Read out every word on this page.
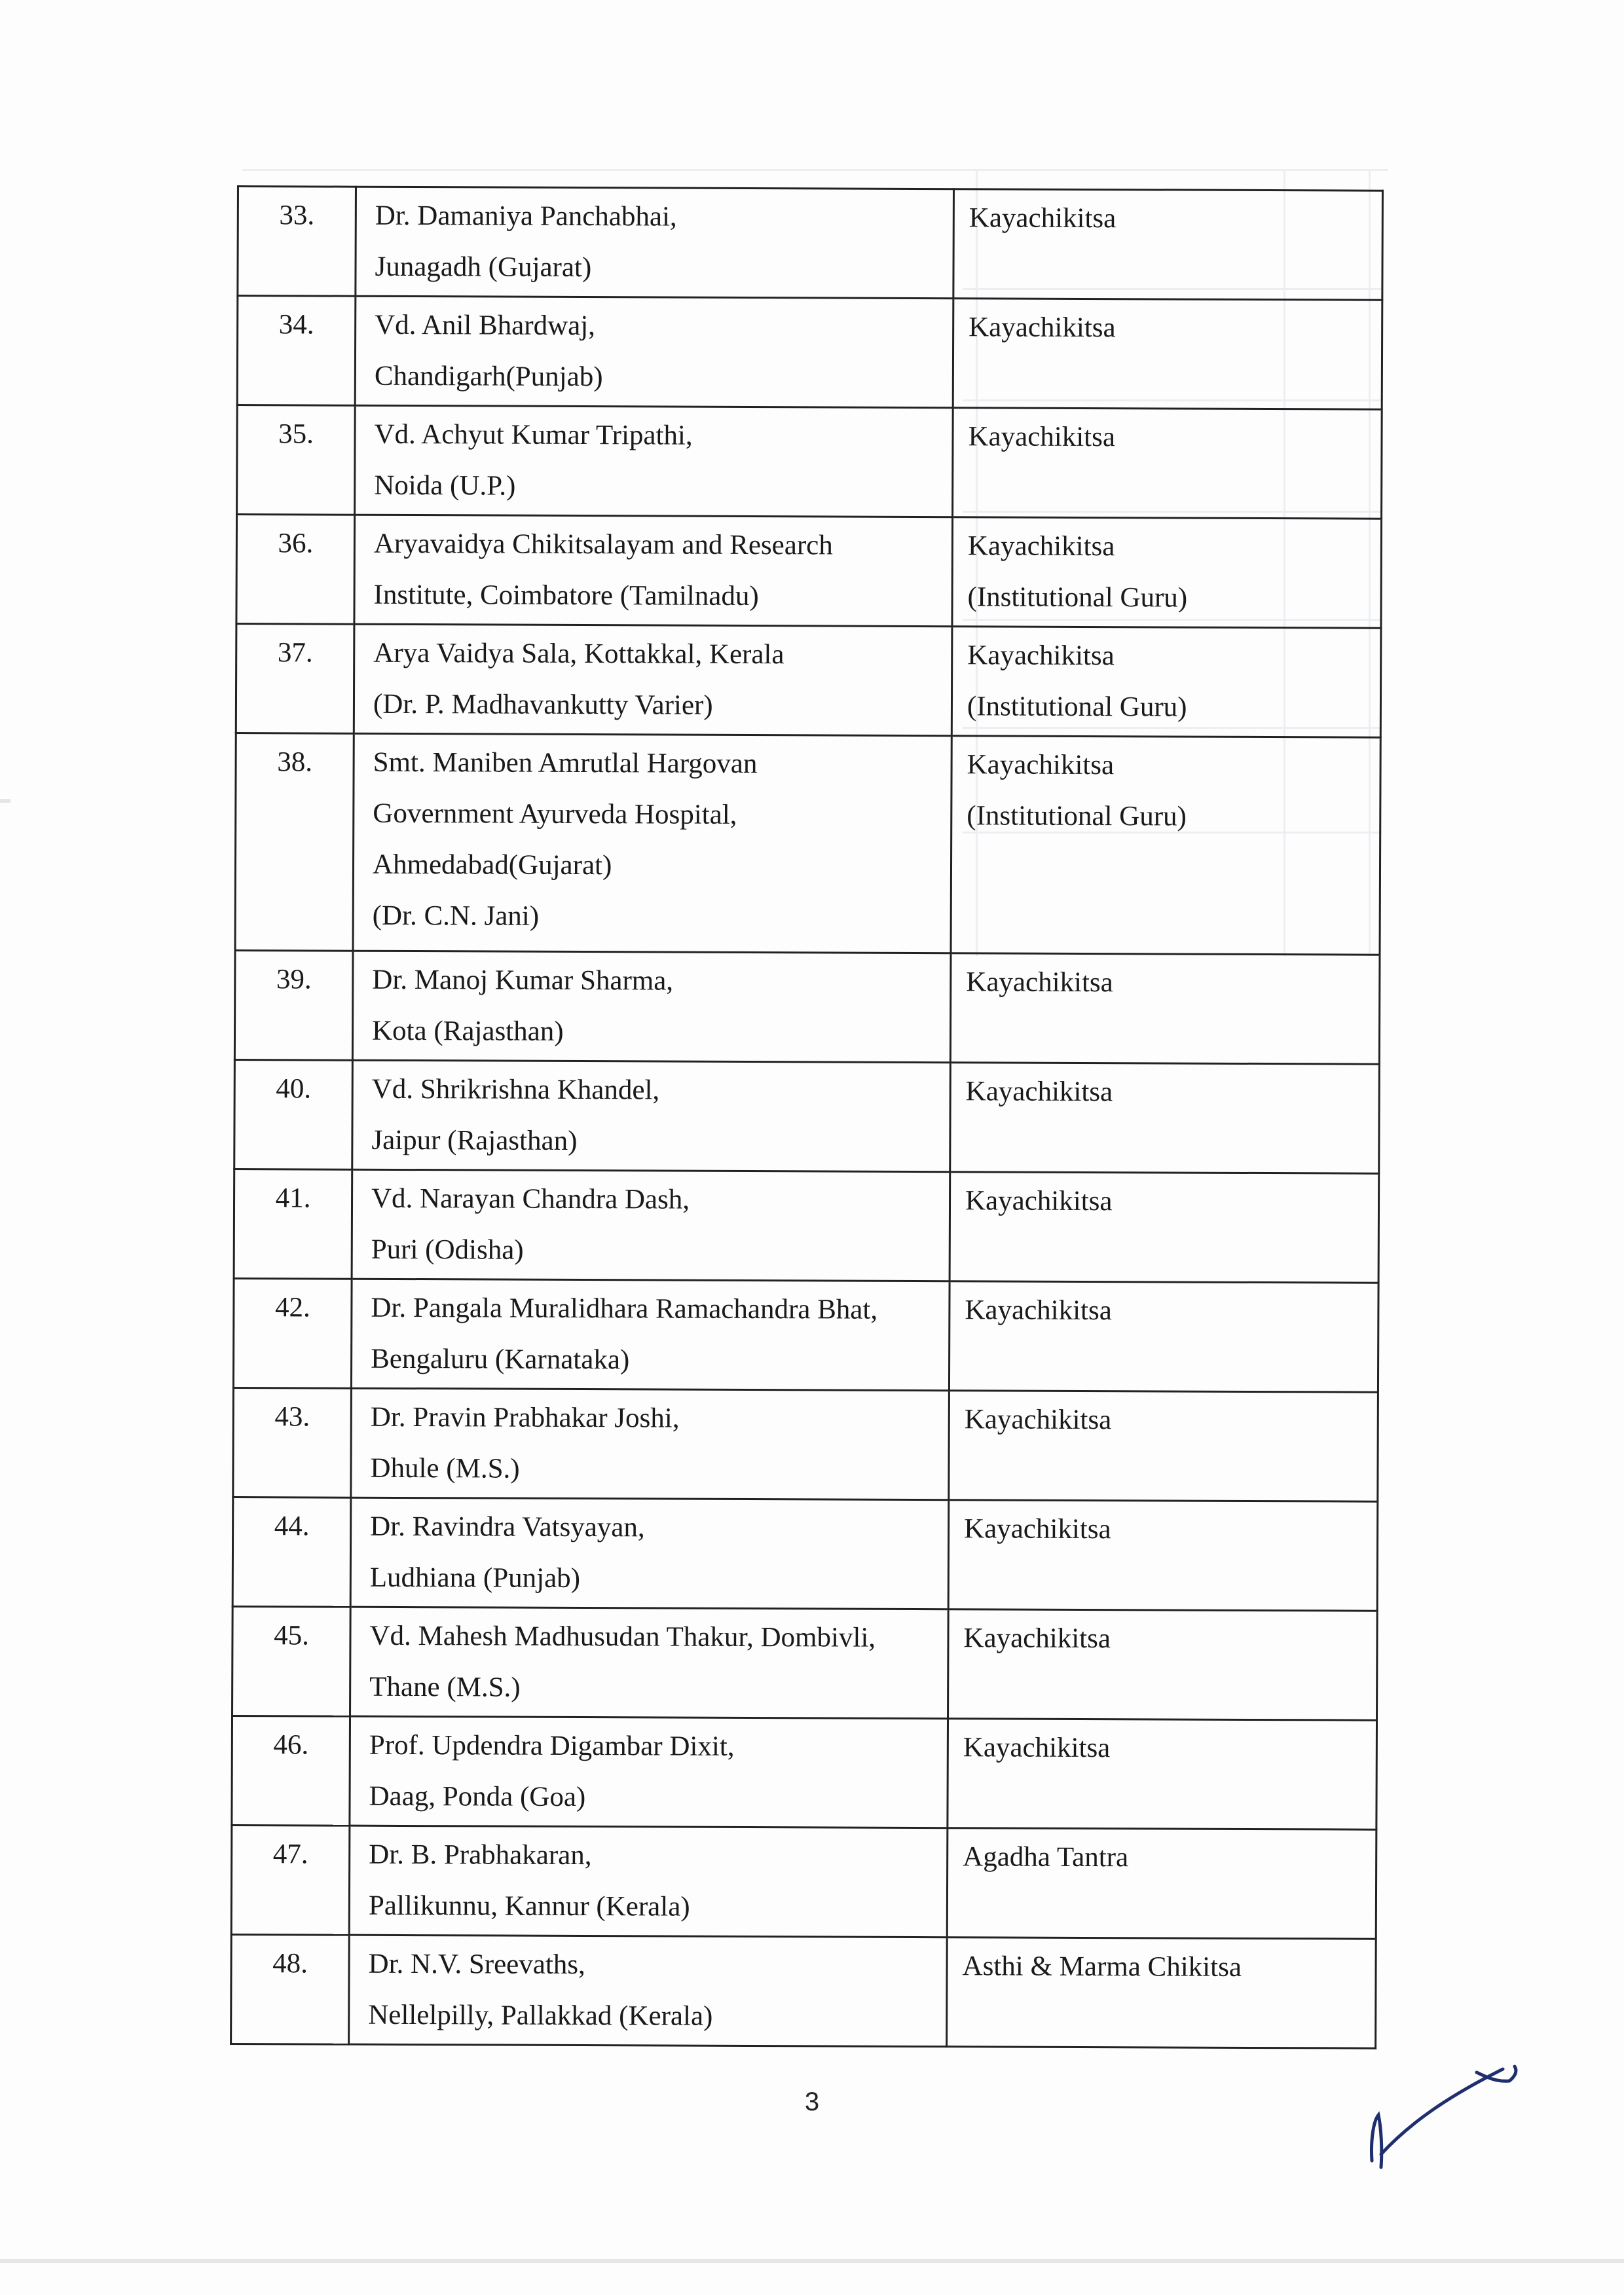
33.	Dr. Damaniya Panchabhai,
Junagadh (Gujarat)	Kayachikitsa

34.	Vd. Anil Bhardwaj,
Chandigarh(Punjab)	Kayachikitsa

35.	Vd. Achyut Kumar Tripathi,
Noida (U.P.)	Kayachikitsa

36.	Aryavaidya Chikitsalayam and Research
Institute, Coimbatore (Tamilnadu)	Kayachikitsa
(Institutional Guru)

37.	Arya Vaidya Sala, Kottakkal, Kerala
(Dr. P. Madhavankutty Varier)	Kayachikitsa
(Institutional Guru)

38.	Smt. Maniben Amrutlal Hargovan
Government Ayurveda Hospital,
Ahmedabad(Gujarat)
(Dr. C.N. Jani)	Kayachikitsa
(Institutional Guru)

39.	Dr. Manoj Kumar Sharma,
Kota (Rajasthan)	Kayachikitsa

40.	Vd. Shrikrishna Khandel,
Jaipur (Rajasthan)	Kayachikitsa

41.	Vd. Narayan Chandra Dash,
Puri (Odisha)	Kayachikitsa

42.	Dr. Pangala Muralidhara Ramachandra Bhat,
Bengaluru (Karnataka)	Kayachikitsa

43.	Dr. Pravin Prabhakar Joshi,
Dhule (M.S.)	Kayachikitsa

44.	Dr. Ravindra Vatsyayan,
Ludhiana (Punjab)	Kayachikitsa

45.	Vd. Mahesh Madhusudan Thakur, Dombivli,
Thane (M.S.)	Kayachikitsa

46.	Prof. Updendra Digambar Dixit,
Daag, Ponda (Goa)	Kayachikitsa

47.	Dr. B. Prabhakaran,
Pallikunnu, Kannur (Kerala)	Agadha Tantra

48.	Dr. N.V. Sreevaths,
Nellelpilly, Pallakkad (Kerala)	Asthi & Marma Chikitsa
3
